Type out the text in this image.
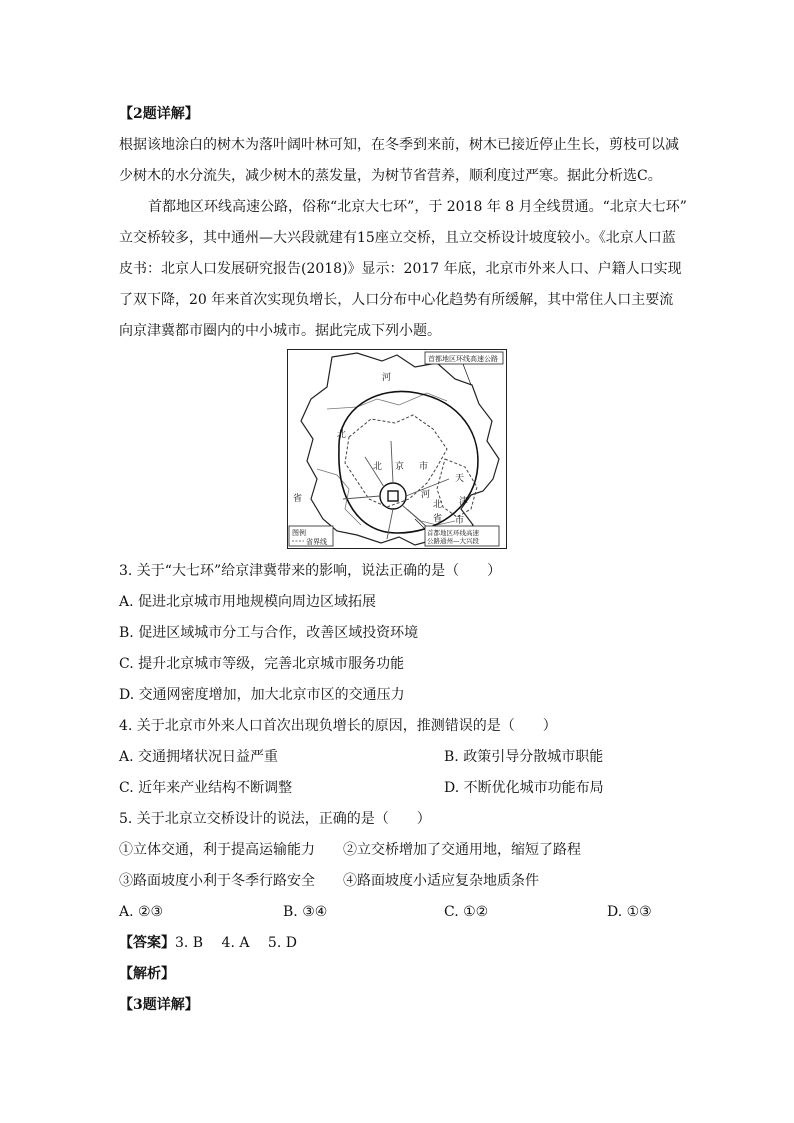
【2题详解】
根据该地涂白的树木为落叶阔叶林可知，在冬季到来前，树木已接近停止生长，剪枝可以减
少树木的水分流失，减少树木的蒸发量，为树节省营养，顺利度过严寒。据此分析选C。
首都地区环线高速公路，俗称“北京大七环”，于 2018 年 8 月全线贯通。“北京大七环”
立交桥较多，其中通州—大兴段就建有15座立交桥，且立交桥设计坡度较小。《北京人口蓝
皮书：北京人口发展研究报告(2018)》显示：2017 年底，北京市外来人口、户籍人口实现
了双下降，20 年来首次实现负增长，人口分布中心化趋势有所缓解，其中常住人口主要流
向京津冀都市圈内的中小城市。据此完成下列小题。
首都地区环线高速公路
首都地区环线高速
公路通州—大兴段
图例
省界线
河
北
省
北 京 市
天
津
市
河
北
省
3. 关于“大七环”给京津冀带来的影响，说法正确的是（　　）
A. 促进北京城市用地规模向周边区域拓展
B. 促进区域城市分工与合作，改善区域投资环境
C. 提升北京城市等级，完善北京城市服务功能
D. 交通网密度增加，加大北京市区的交通压力
4. 关于北京市外来人口首次出现负增长的原因，推测错误的是（　　）
A. 交通拥堵状况日益严重	B. 政策引导分散城市职能
C. 近年来产业结构不断调整	D. 不断优化城市功能布局
5. 关于北京立交桥设计的说法，正确的是（　　）
①立体交通，利于提高运输能力 ②立交桥增加了交通用地，缩短了路程
③路面坡度小利于冬季行路安全 ④路面坡度小适应复杂地质条件
A. ②③	B. ③④	C. ①②	D. ①③
【答案】3. B　 4. A　 5. D
【解析】
【3题详解】
